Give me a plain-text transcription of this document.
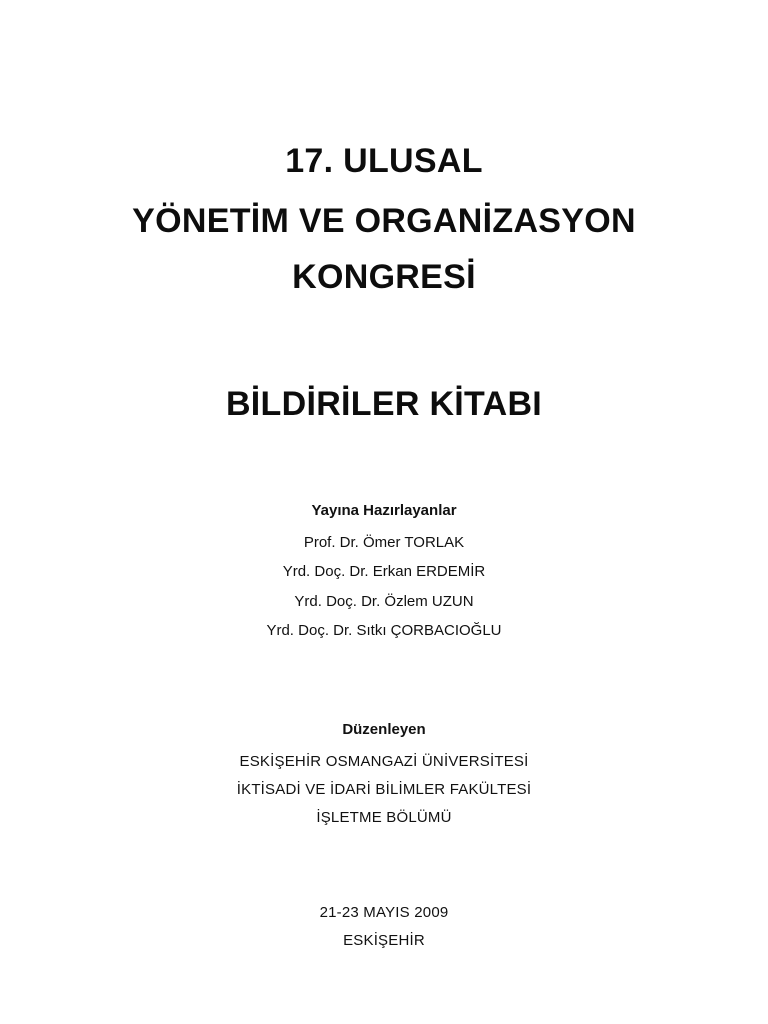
17. ULUSAL
YÖNETİM VE ORGANİZASYON
KONGRESİ
BİLDİRİLER KİTABI
Yayına Hazırlayanlar
Prof. Dr. Ömer TORLAK
Yrd. Doç. Dr. Erkan ERDEMİR
Yrd. Doç. Dr. Özlem UZUN
Yrd. Doç. Dr. Sıtkı ÇORBACIOĞLU
Düzenleyen
ESKİŞEHİR OSMANGAZİ ÜNİVERSİTESİ
İKTİSADİ VE İDARİ BİLİMLER FAKÜLTESİ
İŞLETME BÖLÜMÜ
21-23 MAYIS 2009
ESKİŞEHİR
